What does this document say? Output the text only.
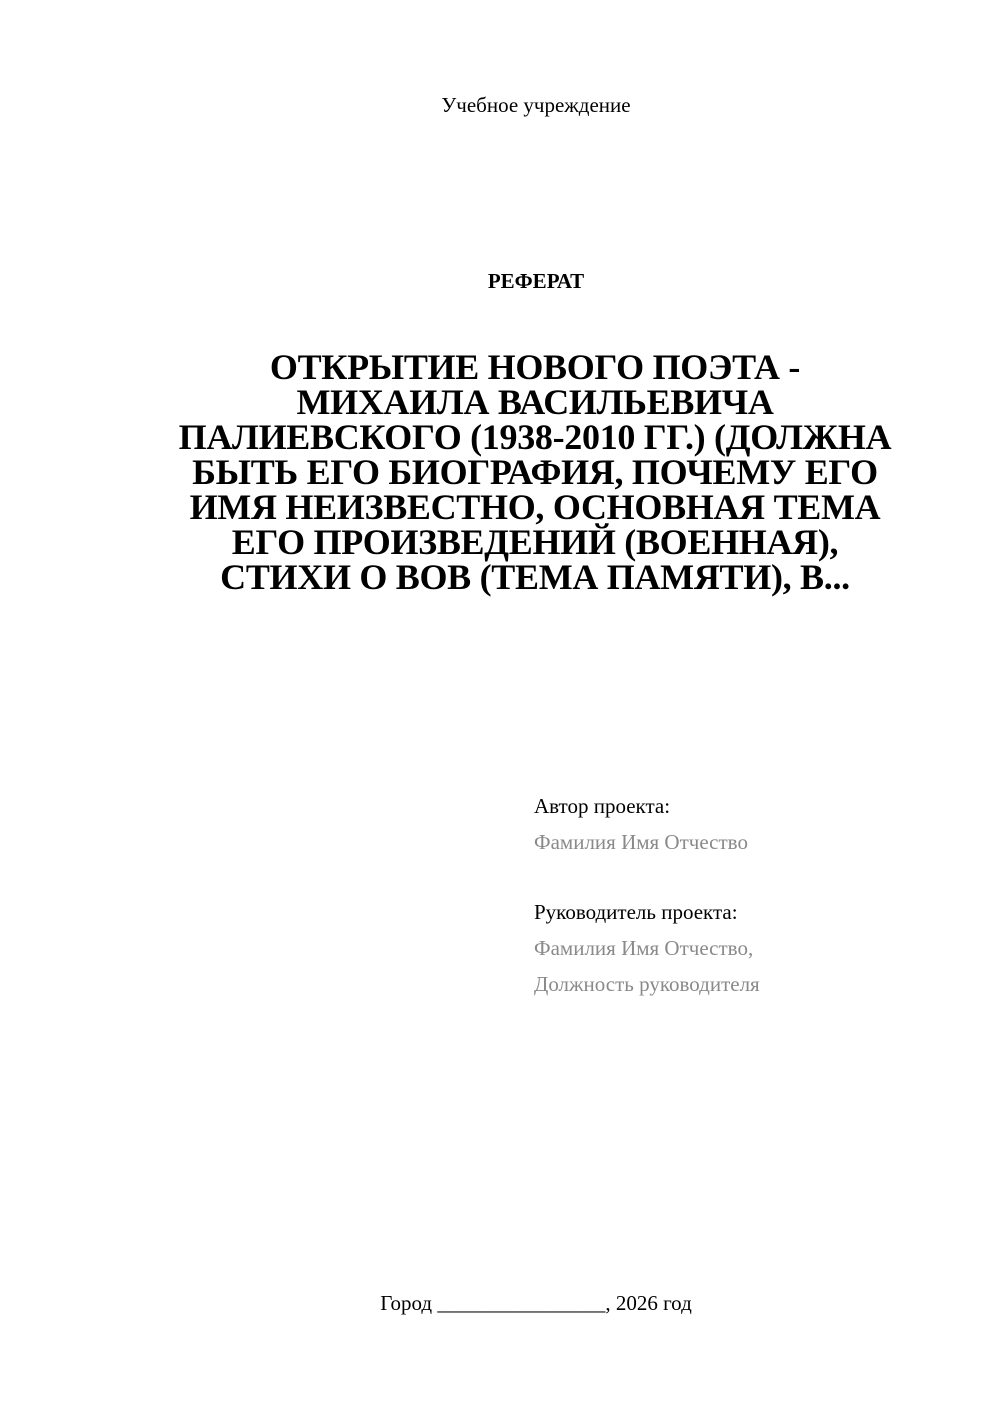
Учебное учреждение
РЕФЕРАТ
ОТКРЫТИЕ НОВОГО ПОЭТА -
МИХАИЛА ВАСИЛЬЕВИЧА
ПАЛИЕВСКОГО (1938-2010 ГГ.) (ДОЛЖНА
БЫТЬ ЕГО БИОГРАФИЯ, ПОЧЕМУ ЕГО
ИМЯ НЕИЗВЕСТНО, ОСНОВНАЯ ТЕМА
ЕГО ПРОИЗВЕДЕНИЙ (ВОЕННАЯ),
СТИХИ О ВОВ (ТЕМА ПАМЯТИ), В...
Автор проекта:
Фамилия Имя Отчество
Руководитель проекта:
Фамилия Имя Отчество,
Должность руководителя
Город ________________, 2026 год
